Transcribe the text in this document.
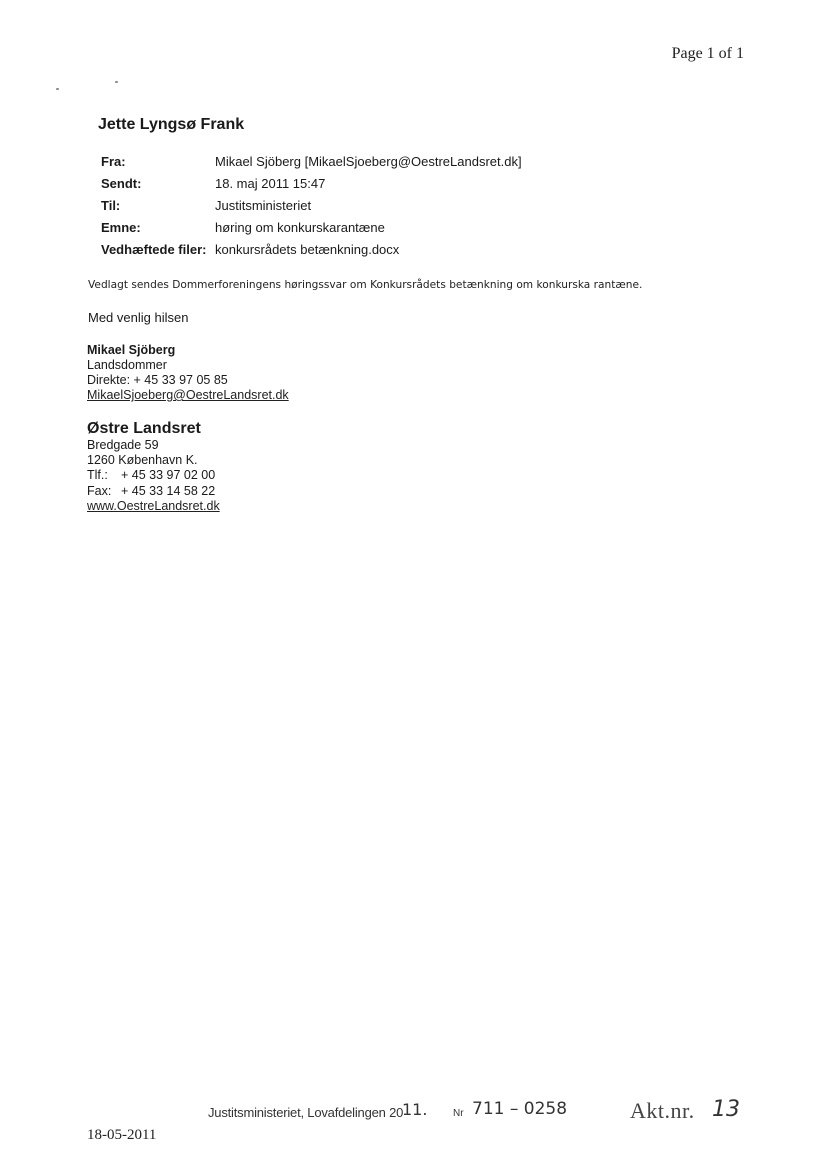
Page 1 of 1
Jette Lyngsø Frank
Fra:	Mikael Sjöberg [MikaelSjoeberg@OestreLandsret.dk]
Sendt:	18. maj 2011 15:47
Til:	Justitsministeriet
Emne:	høring om konkurskarantæne
Vedhæftede filer: konkursrådets betænkning.docx
Vedlagt sendes Dommerforeningens høringssvar om Konkursrådets betænkning om konkurska rantæne.
Med venlig hilsen
Mikael Sjöberg
Landsdommer
Direkte: + 45 33 97 05 85
MikaelSjoeberg@OestreLandsret.dk
Østre Landsret
Bredgade 59
1260 København K.
Tlf.: + 45 33 97 02 00
Fax: + 45 33 14 58 22
www.OestreLandsret.dk
Justitsministeriet, Lovafdelingen 20
11.	Nr 711 – 0258	Akt.nr. 13
18-05-2011
